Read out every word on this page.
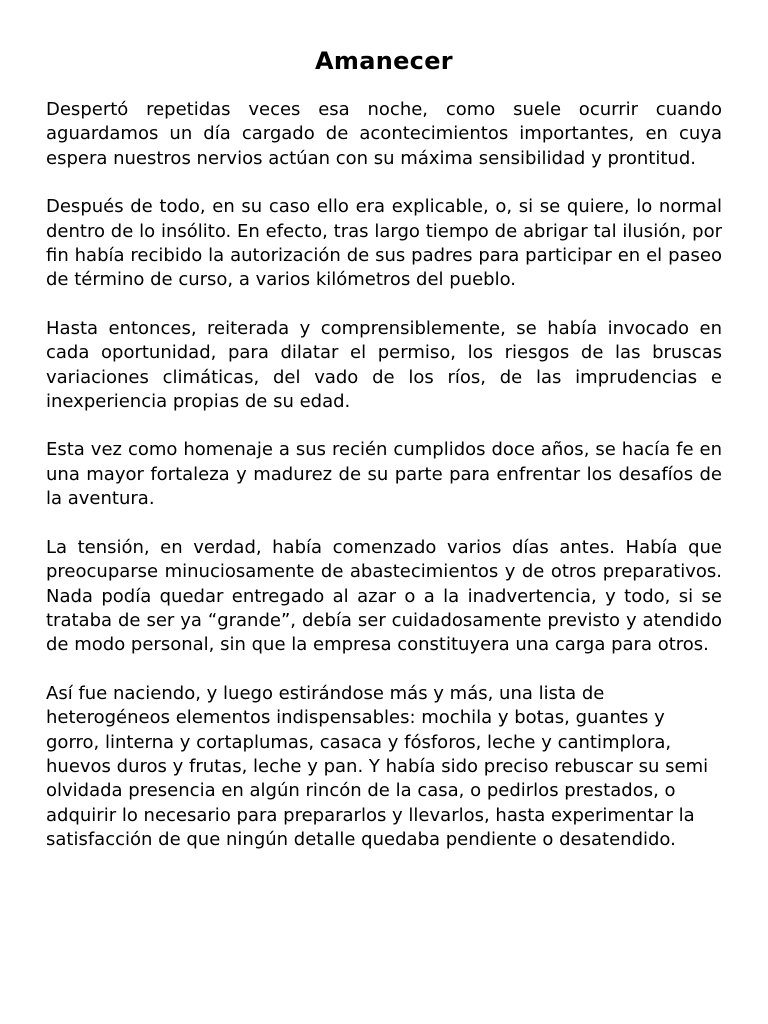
Amanecer

Despertó repetidas veces esa noche, como suele ocurrir cuando aguardamos un día cargado de acontecimientos importantes, en cuya espera nuestros nervios actúan con su máxima sensibilidad y prontitud.

Después de todo, en su caso ello era explicable, o, si se quiere, lo normal dentro de lo insólito. En efecto, tras largo tiempo de abrigar tal ilusión, por fin había recibido la autorización de sus padres para participar en el paseo de término de curso, a varios kilómetros del pueblo.

Hasta entonces, reiterada y comprensiblemente, se había invocado en cada oportunidad, para dilatar el permiso, los riesgos de las bruscas variaciones climáticas, del vado de los ríos, de las imprudencias e inexperiencia propias de su edad.

Esta vez como homenaje a sus recién cumplidos doce años, se hacía fe en una mayor fortaleza y madurez de su parte para enfrentar los desafíos de la aventura.

La tensión, en verdad, había comenzado varios días antes. Había que preocuparse minuciosamente de abastecimientos y de otros preparativos. Nada podía quedar entregado al azar o a la inadvertencia, y todo, si se trataba de ser ya “grande”, debía ser cuidadosamente previsto y atendido de modo personal, sin que la empresa constituyera una carga para otros.

Así fue naciendo, y luego estirándose más y más, una lista de heterogéneos elementos indispensables: mochila y botas, guantes y gorro, linterna y cortaplumas, casaca y fósforos, leche y cantimplora, huevos duros y frutas, leche y pan. Y había sido preciso rebuscar su semi olvidada presencia en algún rincón de la casa, o pedirlos prestados, o adquirir lo necesario para prepararlos y llevarlos, hasta experimentar la satisfacción de que ningún detalle quedaba pendiente o desatendido.
